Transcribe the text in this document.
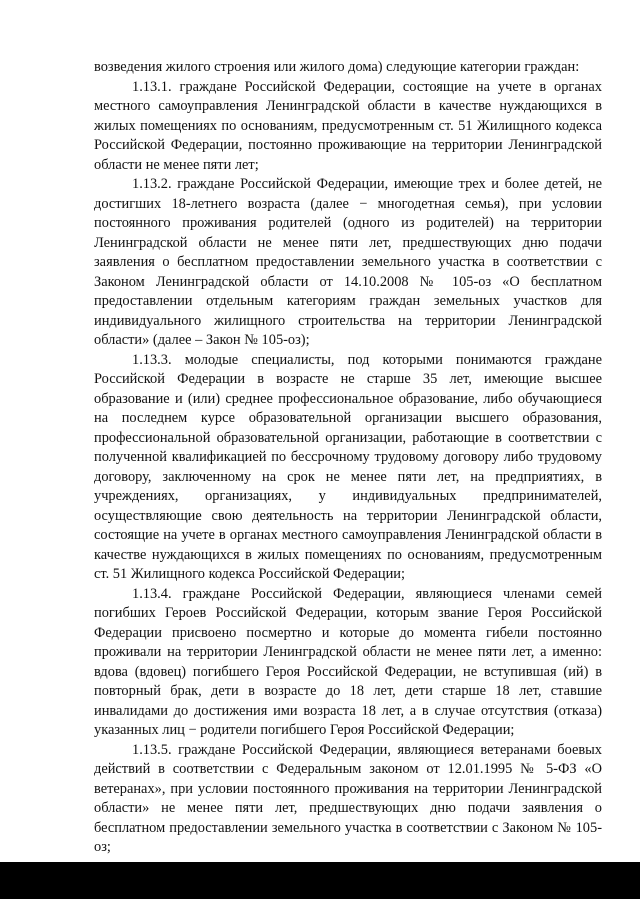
возведения жилого строения или жилого дома) следующие категории граждан:

1.13.1. граждане Российской Федерации, состоящие на учете в органах местного самоуправления Ленинградской области в качестве нуждающихся в жилых помещениях по основаниям, предусмотренным ст. 51 Жилищного кодекса Российской Федерации, постоянно проживающие на территории Ленинградской области не менее пяти лет;

1.13.2. граждане Российской Федерации, имеющие трех и более детей, не достигших 18-летнего возраста (далее − многодетная семья), при условии постоянного проживания родителей (одного из родителей) на территории Ленинградской области не менее пяти лет, предшествующих дню подачи заявления о бесплатном предоставлении земельного участка в соответствии с Законом Ленинградской области от 14.10.2008 № 105-оз «О бесплатном предоставлении отдельным категориям граждан земельных участков для индивидуального жилищного строительства на территории Ленинградской области» (далее – Закон № 105-оз);

1.13.3. молодые специалисты, под которыми понимаются граждане Российской Федерации в возрасте не старше 35 лет, имеющие высшее образование и (или) среднее профессиональное образование, либо обучающиеся на последнем курсе образовательной организации высшего образования, профессиональной образовательной организации, работающие в соответствии с полученной квалификацией по бессрочному трудовому договору либо трудовому договору, заключенному на срок не менее пяти лет, на предприятиях, в учреждениях, организациях, у индивидуальных предпринимателей, осуществляющие свою деятельность на территории Ленинградской области, состоящие на учете в органах местного самоуправления Ленинградской области в качестве нуждающихся в жилых помещениях по основаниям, предусмотренным ст. 51 Жилищного кодекса Российской Федерации;

1.13.4. граждане Российской Федерации, являющиеся членами семей погибших Героев Российской Федерации, которым звание Героя Российской Федерации присвоено посмертно и которые до момента гибели постоянно проживали на территории Ленинградской области не менее пяти лет, а именно: вдова (вдовец) погибшего Героя Российской Федерации, не вступившая (ий) в повторный брак, дети в возрасте до 18 лет, дети старше 18 лет, ставшие инвалидами до достижения ими возраста 18 лет, а в случае отсутствия (отказа) указанных лиц − родители погибшего Героя Российской Федерации;

1.13.5. граждане Российской Федерации, являющиеся ветеранами боевых действий в соответствии с Федеральным законом от 12.01.1995 № 5-ФЗ «О ветеранах», при условии постоянного проживания на территории Ленинградской области» не менее пяти лет, предшествующих дню подачи заявления о бесплатном предоставлении земельного участка в соответствии с Законом № 105-оз;
